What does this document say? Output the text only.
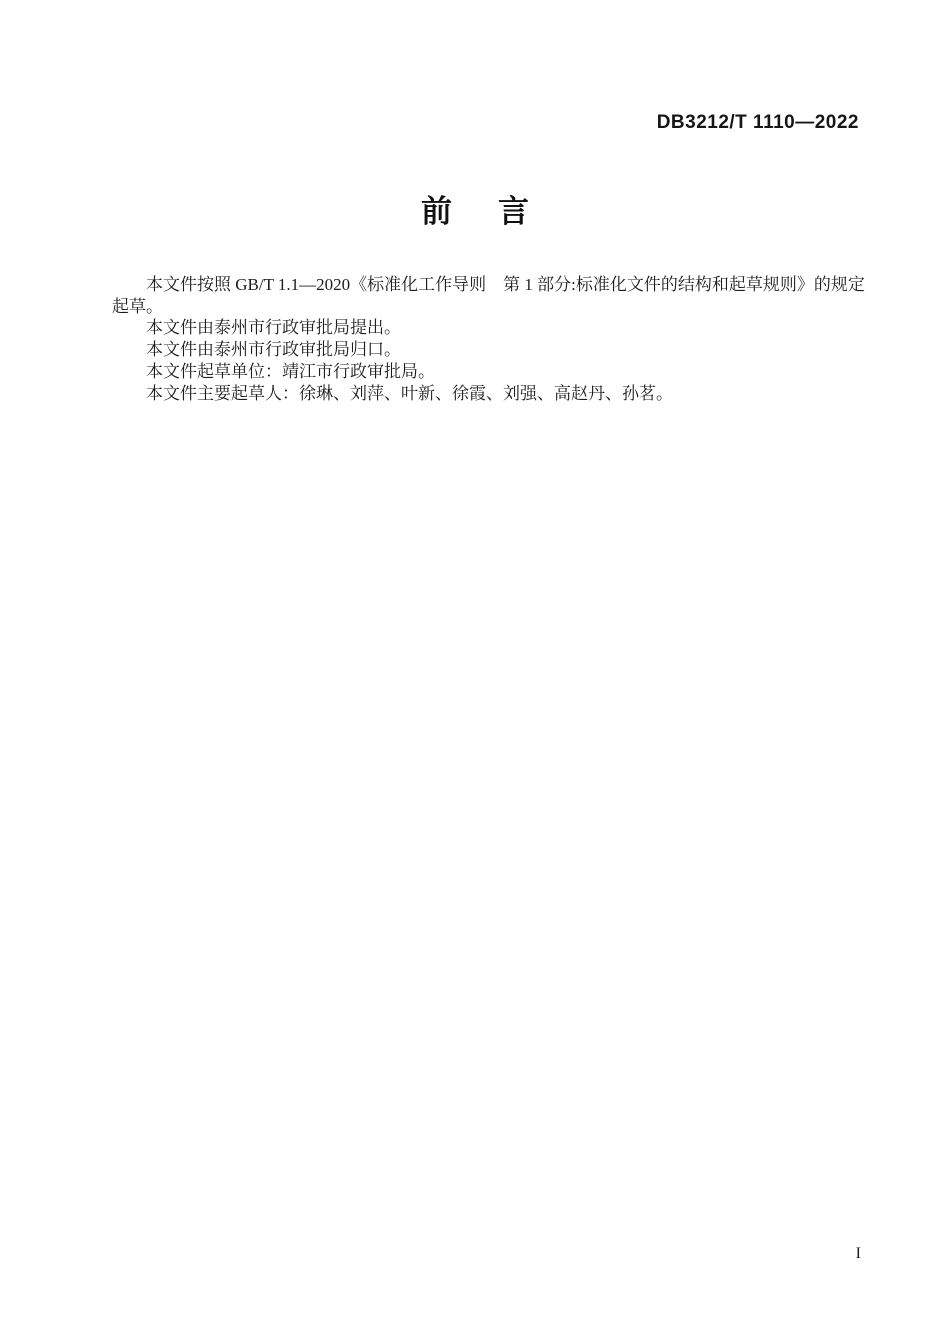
DB3212/T 1110—2022
前 言
本文件按照 GB/T 1.1—2020《标准化工作导则　第 1 部分:标准化文件的结构和起草规则》的规定
起草。
本文件由泰州市行政审批局提出。
本文件由泰州市行政审批局归口。
本文件起草单位：靖江市行政审批局。
本文件主要起草人：徐琳、刘萍、叶新、徐霞、刘强、高赵丹、孙茗。
I
